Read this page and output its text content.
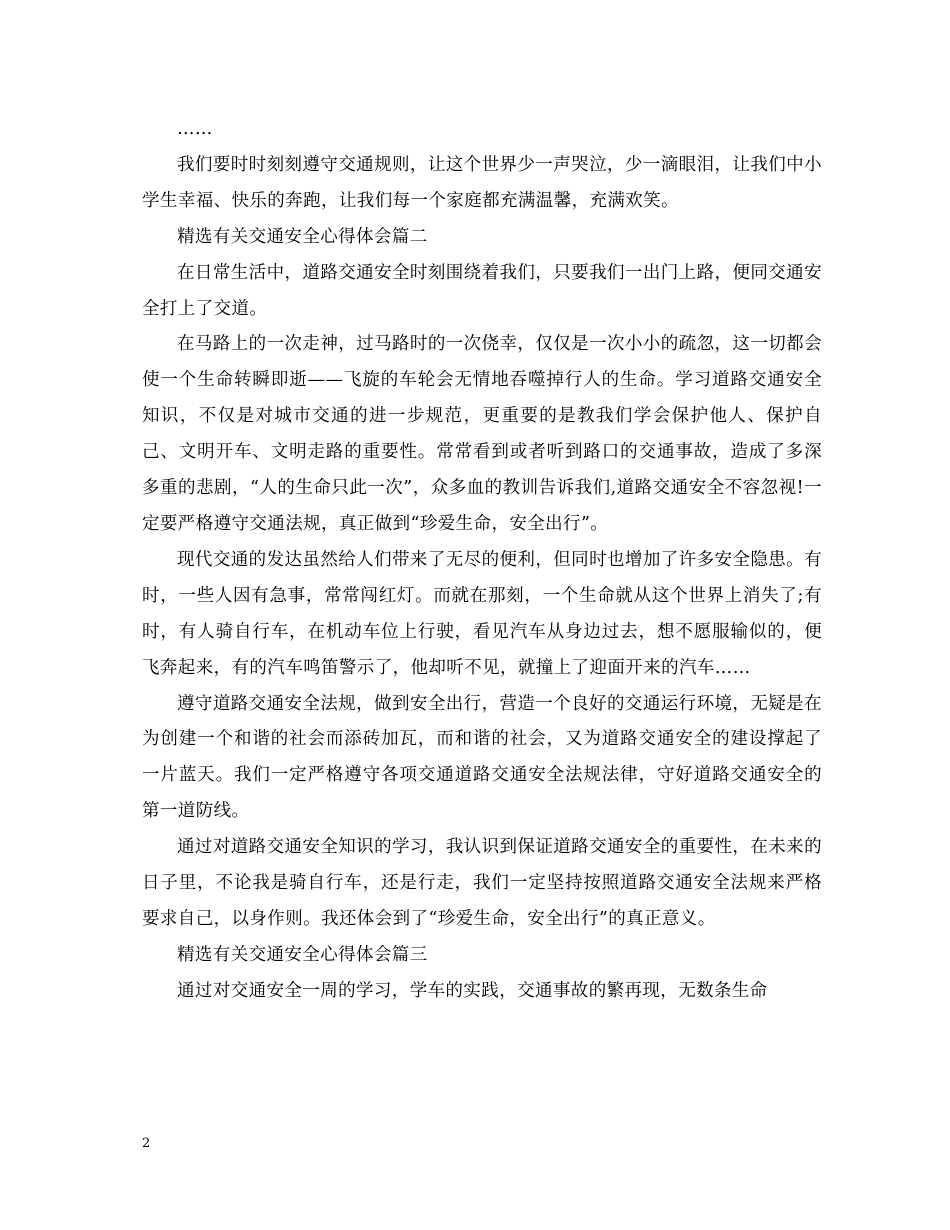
……

我们要时时刻刻遵守交通规则，让这个世界少一声哭泣，少一滴眼泪，让我们中小学生幸福、快乐的奔跑，让我们每一个家庭都充满温馨，充满欢笑。

精选有关交通安全心得体会篇二

在日常生活中，道路交通安全时刻围绕着我们，只要我们一出门上路，便同交通安全打上了交道。

在马路上的一次走神，过马路时的一次侥幸，仅仅是一次小小的疏忽，这一切都会使一个生命转瞬即逝——飞旋的车轮会无情地吞噬掉行人的生命。学习道路交通安全知识，不仅是对城市交通的进一步规范，更重要的是教我们学会保护他人、保护自己、文明开车、文明走路的重要性。常常看到或者听到路口的交通事故，造成了多深多重的悲剧，“人的生命只此一次”，众多血的教训告诉我们,道路交通安全不容忽视!一定要严格遵守交通法规，真正做到“珍爱生命，安全出行”。

现代交通的发达虽然给人们带来了无尽的便利，但同时也增加了许多安全隐患。有时，一些人因有急事，常常闯红灯。而就在那刻，一个生命就从这个世界上消失了;有时，有人骑自行车，在机动车位上行驶，看见汽车从身边过去，想不愿服输似的，便飞奔起来，有的汽车鸣笛警示了，他却听不见，就撞上了迎面开来的汽车……

遵守道路交通安全法规，做到安全出行，营造一个良好的交通运行环境，无疑是在为创建一个和谐的社会而添砖加瓦，而和谐的社会，又为道路交通安全的建设撑起了一片蓝天。我们一定严格遵守各项交通道路交通安全法规法律，守好道路交通安全的第一道防线。

通过对道路交通安全知识的学习，我认识到保证道路交通安全的重要性，在未来的日子里，不论我是骑自行车，还是行走，我们一定坚持按照道路交通安全法规来严格要求自己，以身作则。我还体会到了“珍爱生命，安全出行”的真正意义。

精选有关交通安全心得体会篇三

通过对交通安全一周的学习，学车的实践，交通事故的繁再现，无数条生命

2
